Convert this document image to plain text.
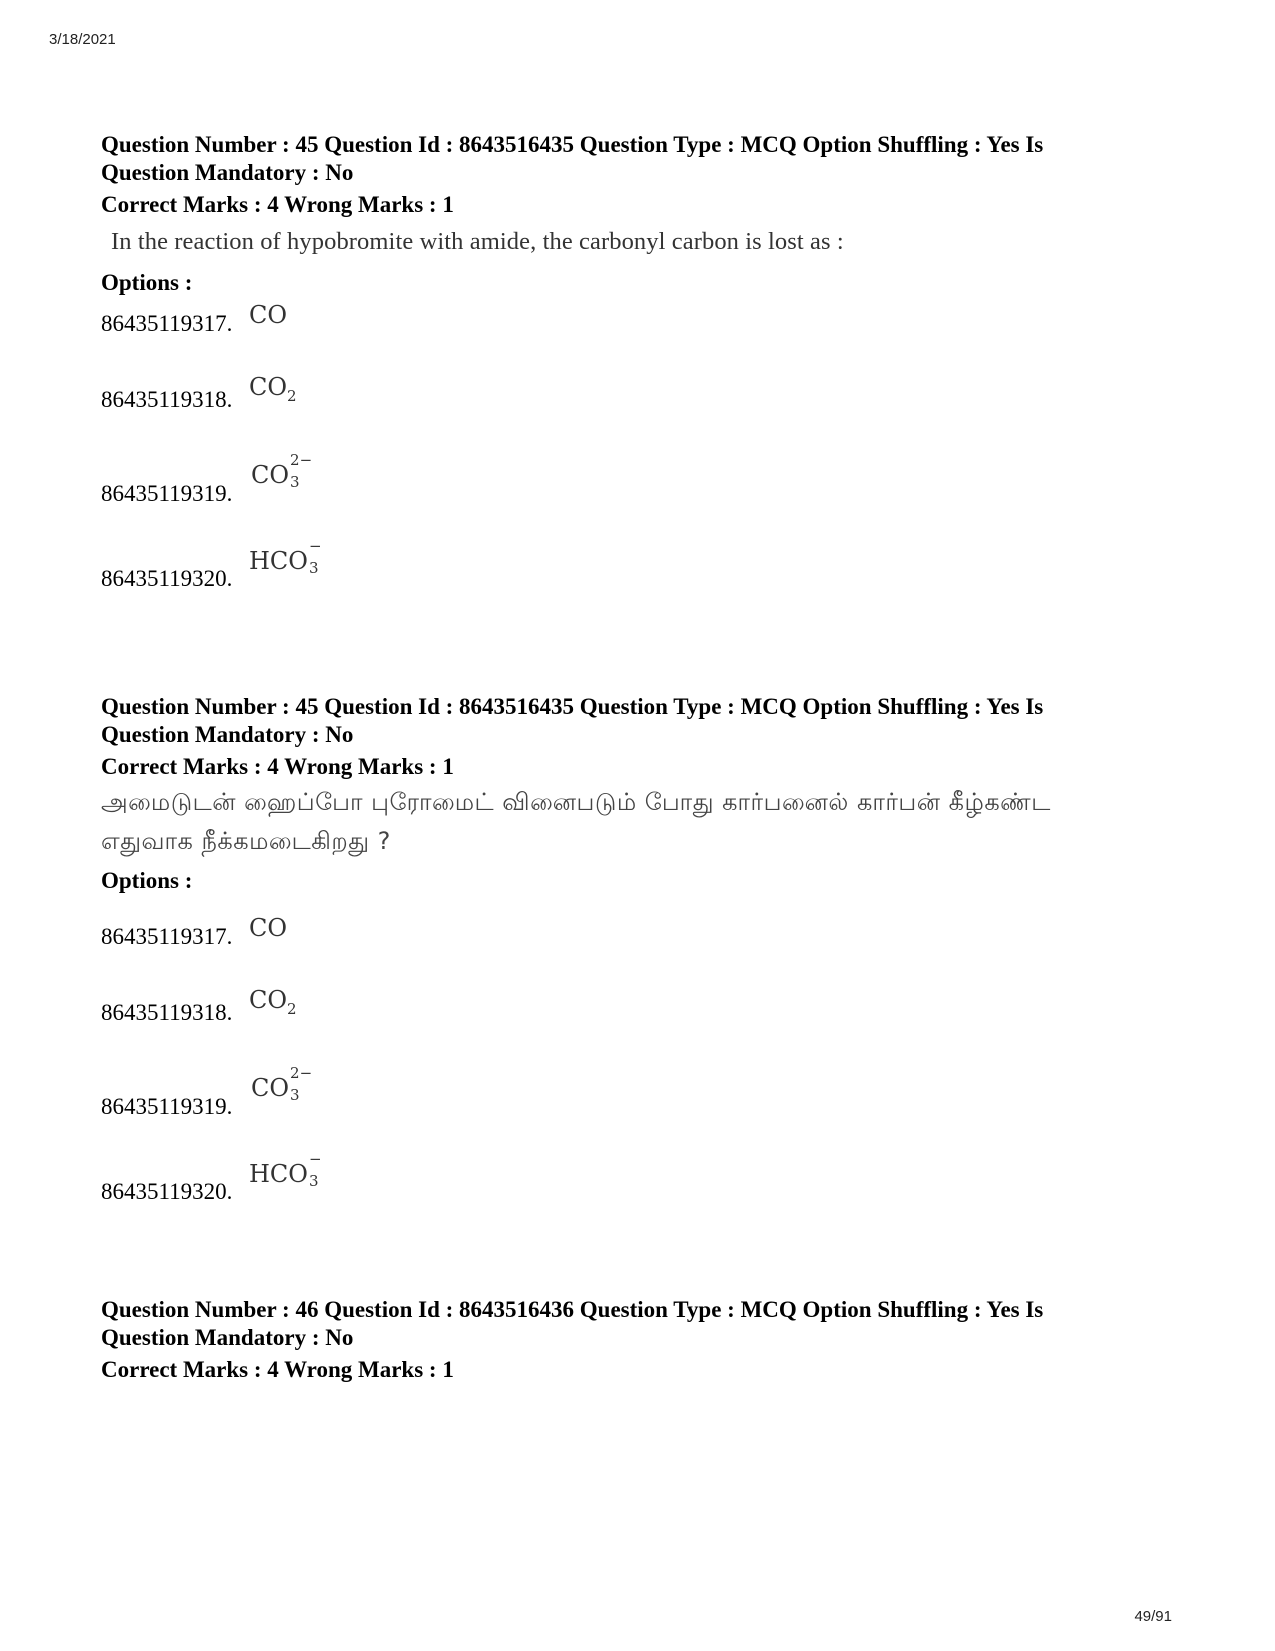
3/18/2021
Question Number : 45 Question Id : 8643516435 Question Type : MCQ Option Shuffling : Yes Is
Question Mandatory : No
Correct Marks : 4 Wrong Marks : 1
In the reaction of hypobromite with amide, the carbonyl carbon is lost as :
Options :
86435119317. CO
86435119318. $CO_2$
86435119319.
CO
2−
3
86435119320.
HCO
−
3
Question Number : 45 Question Id : 8643516435 Question Type : MCQ Option Shuffling : Yes Is
Question Mandatory : No
Correct Marks : 4 Wrong Marks : 1
அமைடுடன் ஹைப்போ புரோமைட் வினைபடும் போது கார்பனைல் கார்பன் கீழ்கண்ட
எதுவாக நீக்கமடைகிறது ?
Options :
86435119317. CO
86435119318. $CO_2$
86435119319.
CO
2−
3
86435119320.
HCO
−
3
Question Number : 46 Question Id : 8643516436 Question Type : MCQ Option Shuffling : Yes Is
Question Mandatory : No
Correct Marks : 4 Wrong Marks : 1
49/91
